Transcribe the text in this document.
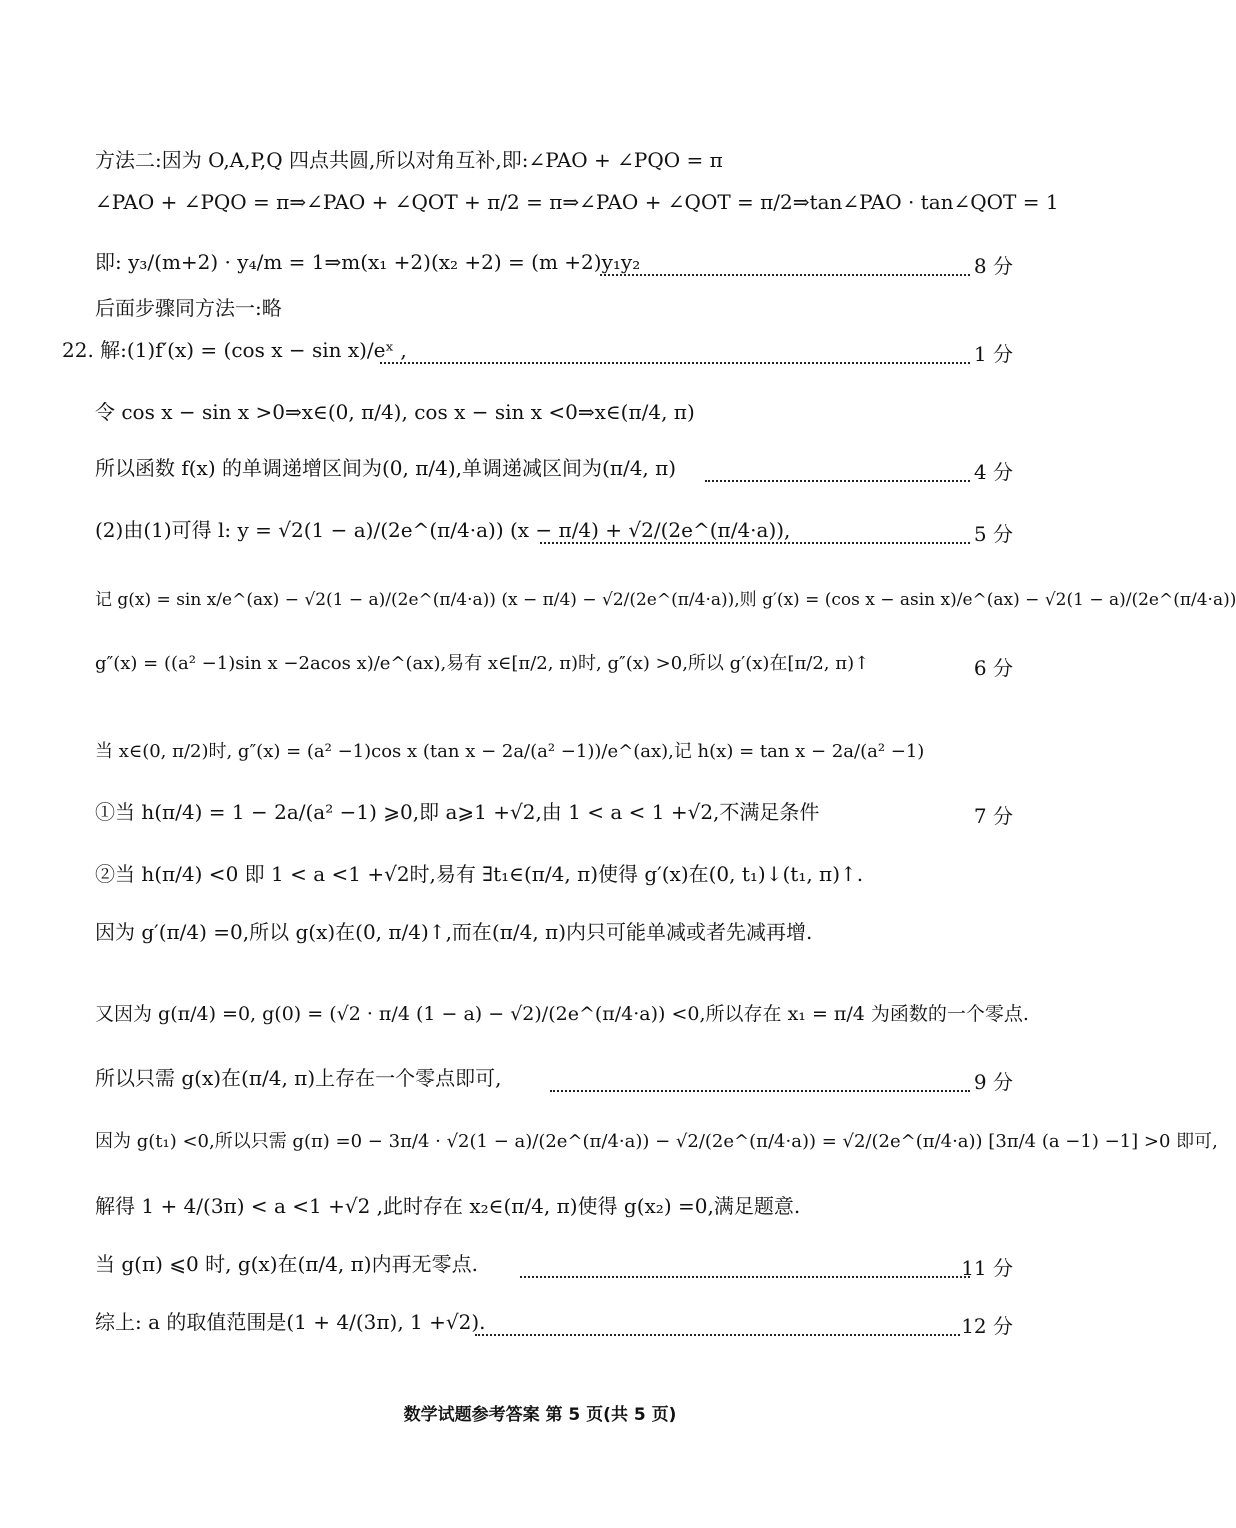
方法二:因为 O,A,P,Q 四点共圆,所以对角互补,即:∠PAO + ∠PQO = π
∠PAO + ∠PQO = π⇒∠PAO + ∠QOT + π/2 = π⇒∠PAO + ∠QOT = π/2⇒tan∠PAO · tan∠QOT = 1
即: y₃/(m+2) · y₄/m = 1⇒m(x₁ +2)(x₂ +2) = (m +2)y₁y₂	8 分
后面步骤同方法一:略
22. 解:(1)f′(x) = (cos x − sin x)/eˣ ,	1 分
令 cos x − sin x >0⇒x∈(0, π/4), cos x − sin x <0⇒x∈(π/4, π)
所以函数 f(x) 的单调递增区间为(0, π/4),单调递减区间为(π/4, π)	4 分
(2)由(1)可得 l: y = √2(1 − a)/(2e^(π/4·a)) (x − π/4) + √2/(2e^(π/4·a)),	5 分
记 g(x) = sin x/e^(ax) − √2(1 − a)/(2e^(π/4·a)) (x − π/4) − √2/(2e^(π/4·a)),则 g′(x) = (cos x − asin x)/e^(ax) − √2(1 − a)/(2e^(π/4·a))
g″(x) = ((a² −1)sin x −2acos x)/e^(ax),易有 x∈[π/2, π)时, g″(x) >0,所以 g′(x)在[π/2, π)↑	6 分
当 x∈(0, π/2)时, g″(x) = (a² −1)cos x (tan x − 2a/(a² −1))/e^(ax),记 h(x) = tan x − 2a/(a² −1)
①当 h(π/4) = 1 − 2a/(a² −1) ⩾0,即 a⩾1 +√2,由 1 < a < 1 +√2,不满足条件	7 分
②当 h(π/4) <0 即 1 < a <1 +√2时,易有 ∃t₁∈(π/4, π)使得 g′(x)在(0, t₁)↓(t₁, π)↑.
因为 g′(π/4) =0,所以 g(x)在(0, π/4)↑,而在(π/4, π)内只可能单减或者先减再增.
又因为 g(π/4) =0, g(0) = (√2 · π/4 (1 − a) − √2)/(2e^(π/4·a)) <0,所以存在 x₁ = π/4 为函数的一个零点.
所以只需 g(x)在(π/4, π)上存在一个零点即可,	9 分
因为 g(t₁) <0,所以只需 g(π) =0 − 3π/4 · √2(1 − a)/(2e^(π/4·a)) − √2/(2e^(π/4·a)) = √2/(2e^(π/4·a)) [3π/4 (a −1) −1] >0 即可,
解得 1 + 4/(3π) < a <1 +√2 ,此时存在 x₂∈(π/4, π)使得 g(x₂) =0,满足题意.
当 g(π) ⩽0 时, g(x)在(π/4, π)内再无零点.	11 分
综上: a 的取值范围是(1 + 4/(3π), 1 +√2).	12 分
数学试题参考答案 第 5 页(共 5 页)
